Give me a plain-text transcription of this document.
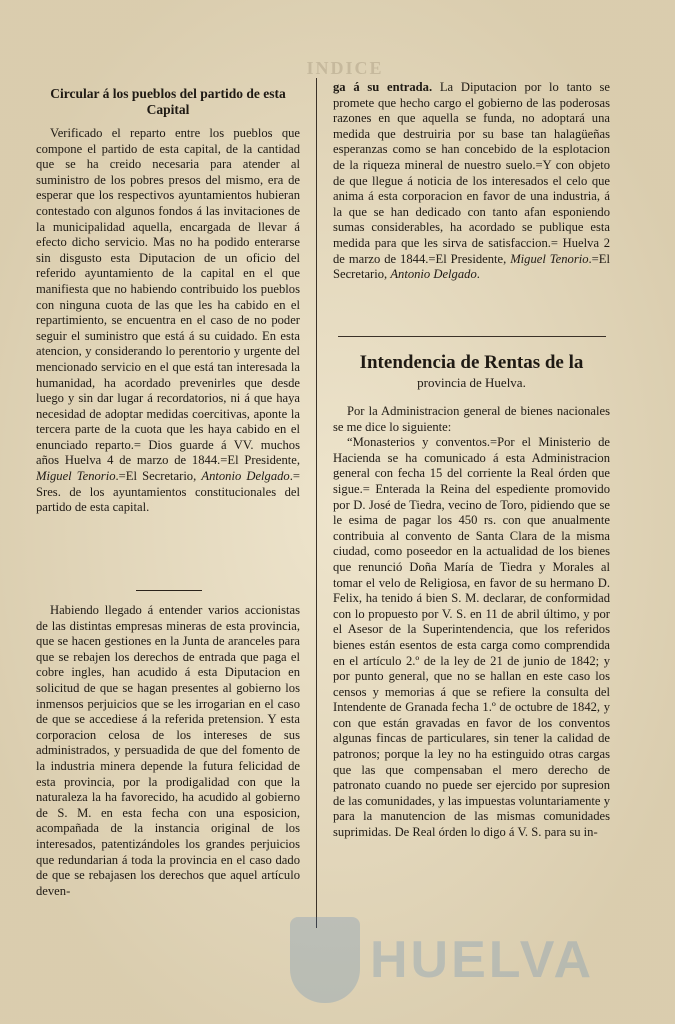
INDICE
Circular á los pueblos del partido de esta Capital

Verificado el reparto entre los pueblos que compone el partido de esta capital, de la cantidad que se ha creido necesaria para atender al suministro de los pobres presos del mismo, era de esperar que los respectivos ayuntamientos hubieran contestado con algunos fondos á las invitaciones de la municipalidad aquella, encargada de llevar á efecto dicho servicio. Mas no ha podido enterarse sin disgusto esta Diputacion de un oficio del referido ayuntamiento de la capital en el que manifiesta que no habiendo contribuido los pueblos con ninguna cuota de las que les ha cabido en el repartimiento, se encuentra en el caso de no poder seguir el suministro que está á su cuidado. En esta atencion, y considerando lo perentorio y urgente del mencionado servicio en el que está tan interesada la humanidad, ha acordado prevenirles que desde luego y sin dar lugar á recordatorios, ni á que haya necesidad de adoptar medidas coercitivas, aponte la tercera parte de la cuota que les haya cabido en el enunciado reparto.= Dios guarde á VV. muchos años Huelva 4 de marzo de 1844.=El Presidente, Miguel Tenorio.=El Secretario, Antonio Delgado.= Sres. de los ayuntamientos constitucionales del partido de esta capital.

Habiendo llegado á entender varios accionistas de las distintas empresas mineras de esta provincia, que se hacen gestiones en la Junta de aranceles para que se rebajen los derechos de entrada que paga el cobre ingles, han acudido á esta Diputacion en solicitud de que se hagan presentes al gobierno los inmensos perjuicios que se les irrogarian en el caso de que se accediese á la referida pretension. Y esta corporacion celosa de los intereses de sus administrados, y persuadida de que del fomento de la industria minera depende la futura felicidad de esta provincia, por la prodigalidad con que la naturaleza la ha favorecido, ha acudido al gobierno de S. M. en esta fecha con una esposicion, acompañada de la instancia original de los interesados, patentizándoles los grandes perjuicios que redundarian á toda la provincia en el caso dado de que se rebajasen los derechos que aquel artículo deven-

ga á su entrada. La Diputacion por lo tanto se promete que hecho cargo el gobierno de las poderosas razones en que aquella se funda, no adoptará una medida que destruiria por su base tan halagüeñas esperanzas como se han concebido de la esplotacion de la riqueza mineral de nuestro suelo.=Y con objeto de que llegue á noticia de los interesados el celo que anima á esta corporacion en favor de una industria, á la que se han dedicado con tanto afan esponiendo sumas considerables, ha acordado se publique esta medida para que les sirva de satisfaccion.= Huelva 2 de marzo de 1844.=El Presidente, Miguel Tenorio.=El Secretario, Antonio Delgado.

Intendencia de Rentas de la
provincia de Huelva.

Por la Administracion general de bienes nacionales se me dice lo siguiente:

“Monasterios y conventos.=Por el Ministerio de Hacienda se ha comunicado á esta Administracion general con fecha 15 del corriente la Real órden que sigue.= Enterada la Reina del espediente promovido por D. José de Tiedra, vecino de Toro, pidiendo que se le esima de pagar los 450 rs. con que anualmente contribuia al convento de Santa Clara de la misma ciudad, como poseedor en la actualidad de los bienes que renunció Doña María de Tiedra y Morales al tomar el velo de Religiosa, en favor de su hermano D. Felix, ha tenido á bien S. M. declarar, de conformidad con lo propuesto por V. S. en 11 de abril último, y por el Asesor de la Superintendencia, que los referidos bienes están esentos de esta carga como comprendida en el artículo 2.º de la ley de 21 de junio de 1842; y por punto general, que no se hallan en este caso los censos y memorias á que se refiere la consulta del Intendente de Granada fecha 1.º de octubre de 1842, y con que están gravadas en favor de los conventos algunas fincas de particulares, sin tener la calidad de patronos; porque la ley no ha estinguido otras cargas que las que compensaban el mero derecho de patronato cuando no puede ser ejercido por supresion de las comunidades, y las impuestas voluntariamente y para la manutencion de las mismas comunidades suprimidas. De Real órden lo digo á V. S. para su in-

HUELVA
